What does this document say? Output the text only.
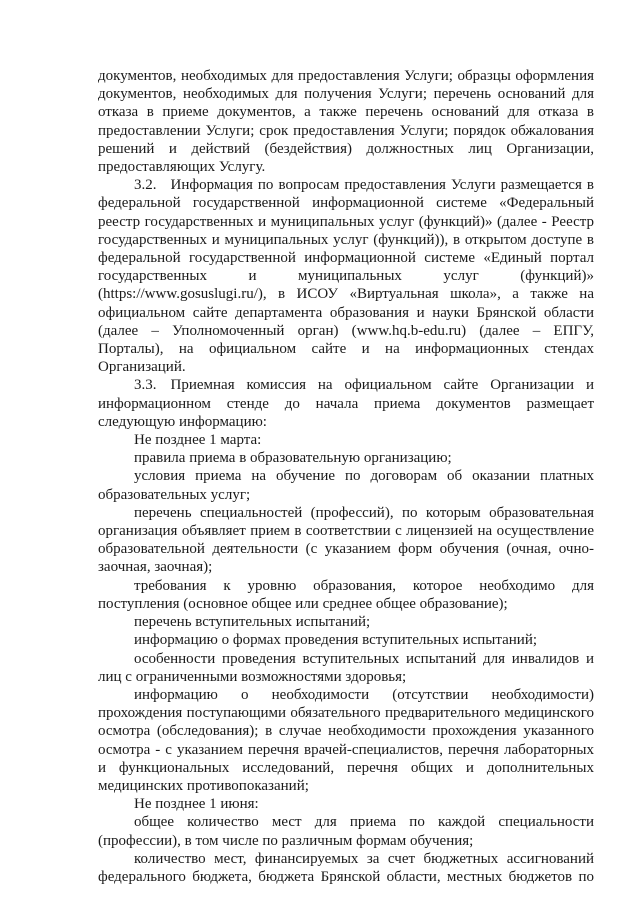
документов, необходимых для предоставления Услуги; образцы оформления документов, необходимых для получения Услуги; перечень оснований для отказа в приеме документов, а также перечень оснований для отказа в предоставлении Услуги; срок предоставления Услуги; порядок обжалования решений и действий (бездействия) должностных лиц Организации, предоставляющих Услугу.

3.2. Информация по вопросам предоставления Услуги размещается в федеральной государственной информационной системе «Федеральный реестр государственных и муниципальных услуг (функций)» (далее - Реестр государственных и муниципальных услуг (функций)), в открытом доступе в федеральной государственной информационной системе «Единый портал государственных и муниципальных услуг (функций)» (https://www.gosuslugi.ru/), в ИСОУ «Виртуальная школа», а также на официальном сайте департамента образования и науки Брянской области (далее – Уполномоченный орган) (www.hq.b-edu.ru) (далее – ЕПГУ, Порталы), на официальном сайте и на информационных стендах Организаций.

3.3. Приемная комиссия на официальном сайте Организации и информационном стенде до начала приема документов размещает следующую информацию:

Не позднее 1 марта:

правила приема в образовательную организацию;

условия приема на обучение по договорам об оказании платных образовательных услуг;

перечень специальностей (профессий), по которым образовательная организация объявляет прием в соответствии с лицензией на осуществление образовательной деятельности (с указанием форм обучения (очная, очно-заочная, заочная);

требования к уровню образования, которое необходимо для поступления (основное общее или среднее общее образование);

перечень вступительных испытаний;

информацию о формах проведения вступительных испытаний;

особенности проведения вступительных испытаний для инвалидов и лиц с ограниченными возможностями здоровья;

информацию о необходимости (отсутствии необходимости) прохождения поступающими обязательного предварительного медицинского осмотра (обследования); в случае необходимости прохождения указанного осмотра - с указанием перечня врачей-специалистов, перечня лабораторных и функциональных исследований, перечня общих и дополнительных медицинских противопоказаний;

Не позднее 1 июня:

общее количество мест для приема по каждой специальности (профессии), в том числе по различным формам обучения;

количество мест, финансируемых за счет бюджетных ассигнований федерального бюджета, бюджета Брянской области, местных бюджетов по
